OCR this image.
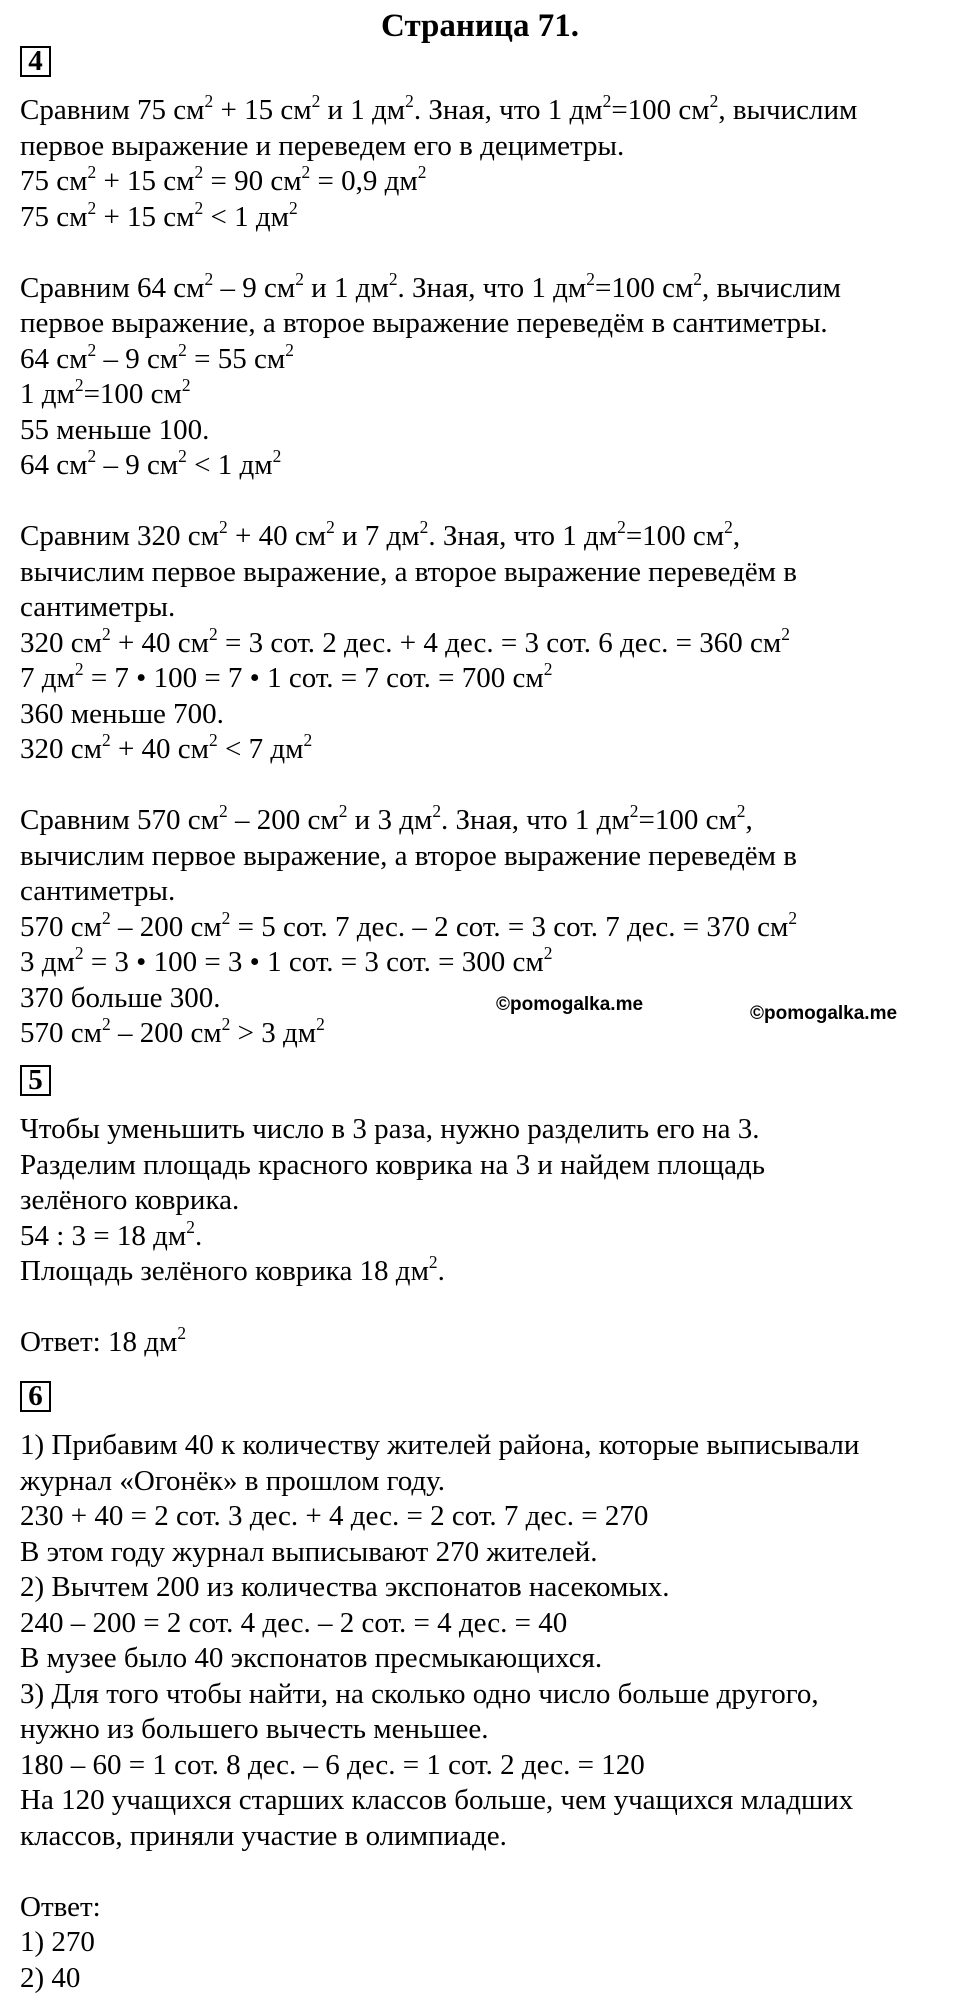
Страница 71.
4
Сравним 75 $см^2 + 15$ $см^2$ и 1 $дм^2$. Зная, что 1 $дм^2=100$ $см^2$, вычислим
первое выражение и переведем его в дециметры.
75 $см^2 + 15$ $см^2 = 90$ $см^2 = 0,9$ $дм^2$
75 $см^2 + 15$ $см^2 < 1$ $дм^2$
Сравним 64 $см^2 - 9$ $см^2$ и 1 $дм^2$. Зная, что 1 $дм^2=100$ $см^2$, вычислим
первое выражение, а второе выражение переведём в сантиметры.
64 $см^2 - 9$ $см^2 = 55$ $см^2$
1 $дм^2=100$ $см^2$
55 меньше 100.
64 $см^2 - 9$ $см^2 < 1$ $дм^2$
Сравним 320 $см^2 + 40$ $см^2$ и 7 $дм^2$. Зная, что 1 $дм^2=100$ $см^2$,
вычислим первое выражение, а второе выражение переведём в
сантиметры.
320 $см^2 + 40$ $см^2 = 3$ сот. 2 дес. + 4 дес. = 3 сот. 6 дес. = 360 $см^2$
7 $дм^2 = 7$ • 100 = 7 • 1 сот. = 7 сот. = 700 $см^2$
360 меньше 700.
320 $см^2 + 40$ $см^2 < 7$ $дм^2$
Сравним 570 $см^2 - 200$ $см^2$ и 3 $дм^2$. Зная, что 1 $дм^2=100$ $см^2$,
вычислим первое выражение, а второе выражение переведём в
сантиметры.
570 $см^2 - 200$ $см^2 = 5$ сот. 7 дес. – 2 сот. = 3 сот. 7 дес. = 370 $см^2$
3 $дм^2 = 3$ • 100 = 3 • 1 сот. = 3 сот. = 300 $см^2$
370 больше 300.
570 $см^2 - 200$ $см^2 > 3$ $дм^2$
©pomogalka.me	©pomogalka.me
5
Чтобы уменьшить число в 3 раза, нужно разделить его на 3.
Разделим площадь красного коврика на 3 и найдем площадь
зелёного коврика.
54 : 3 = 18 $дм^2$.
Площадь зелёного коврика 18 $дм^2$.
Ответ: 18 $дм^2$
6
1) Прибавим 40 к количеству жителей района, которые выписывали
журнал «Огонёк» в прошлом году.
230 + 40 = 2 сот. 3 дес. + 4 дес. = 2 сот. 7 дес. = 270
В этом году журнал выписывают 270 жителей.
2) Вычтем 200 из количества экспонатов насекомых.
240 – 200 = 2 сот. 4 дес. – 2 сот. = 4 дес. = 40
В музее было 40 экспонатов пресмыкающихся.
3) Для того чтобы найти, на сколько одно число больше другого,
нужно из большего вычесть меньшее.
180 – 60 = 1 сот. 8 дес. – 6 дес. = 1 сот. 2 дес. = 120
На 120 учащихся старших классов больше, чем учащихся младших
классов, приняли участие в олимпиаде.
Ответ:
1) 270
2) 40
